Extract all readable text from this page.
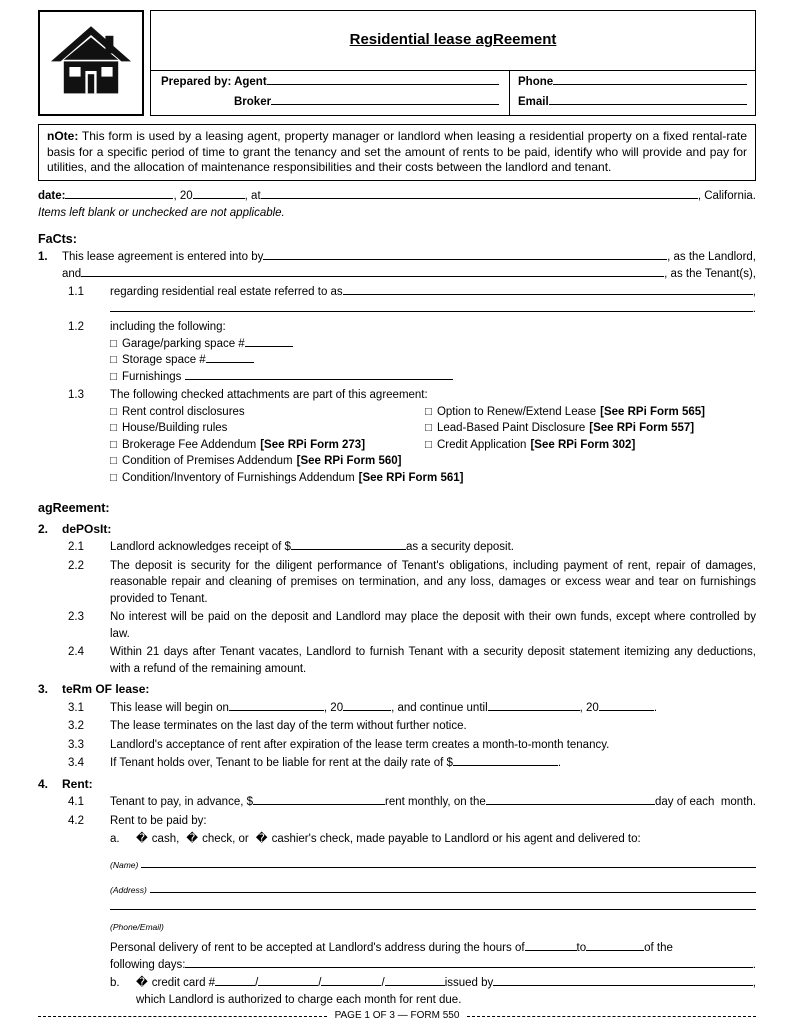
Residential lease agReement
Prepared by: Agent
Broker
Phone
Email
nOte: This form is used by a leasing agent, property manager or landlord when leasing a residential property on a fixed rental-rate basis for a specific period of time to grant the tenancy and set the amount of rents to be paid, identify who will provide and pay for utilities, and the allocation of maintenance responsibilities and their costs between the landlord and tenant.
date:	, 20	, at	, California.
Items left blank or unchecked are not applicable.
FaCts:
1.	This lease agreement is entered into by	, as the Landlord,
and	, as the Tenant(s),
1.1	regarding residential real estate referred to as	,
.
1.2	including the following:
□ Garage/parking space #
□ Storage space #
□ Furnishings
1.3	The following checked attachments are part of this agreement:
□ Rent control disclosures
□ House/Building rules
□ Brokerage Fee Addendum [See RPi Form 273]
□ Condition of Premises Addendum [See RPi Form 560]
□ Condition/Inventory of Furnishings Addendum [See RPi Form 561]
□ Option to Renew/Extend Lease [See RPi Form 565]
□ Lead-Based Paint Disclosure [See RPi Form 557]
□ Credit Application [See RPi Form 302]
agReement:
2.	dePOsIt:
2.1	Landlord acknowledges receipt of $	as a security deposit.
2.2	The deposit is security for the diligent performance of Tenant's obligations, including payment of rent, repair of damages, reasonable repair and cleaning of premises on termination, and any loss, damages or excess wear and tear on furnishings provided to Tenant.
2.3	No interest will be paid on the deposit and Landlord may place the deposit with their own funds, except where controlled by law.
2.4	Within 21 days after Tenant vacates, Landlord to furnish Tenant with a security deposit statement itemizing any deductions, with a refund of the remaining amount.
3.	teRm OF lease:
3.1	This lease will begin on	, 20	, and continue until	, 20	.
3.2	The lease terminates on the last day of the term without further notice.
3.3	Landlord's acceptance of rent after expiration of the lease term creates a month-to-month tenancy.
3.4	If Tenant holds over, Tenant to be liable for rent at the daily rate of $	.
4.	Rent:
4.1	Tenant to pay, in advance, $	rent monthly, on the	day of each  month.
4.2	Rent to be paid by:
a.	� cash, � check, or � cashier's check, made payable to Landlord or his agent and delivered to:
(Name)
(Address)
(Phone/Email)
Personal delivery of rent to be accepted at Landlord's address during the hours of	to	of the
following days:	.
b.	� credit card #	/	/	/	issued by	,
which Landlord is authorized to charge each month for rent due.
PAGE 1 OF 3 — FORM 550
